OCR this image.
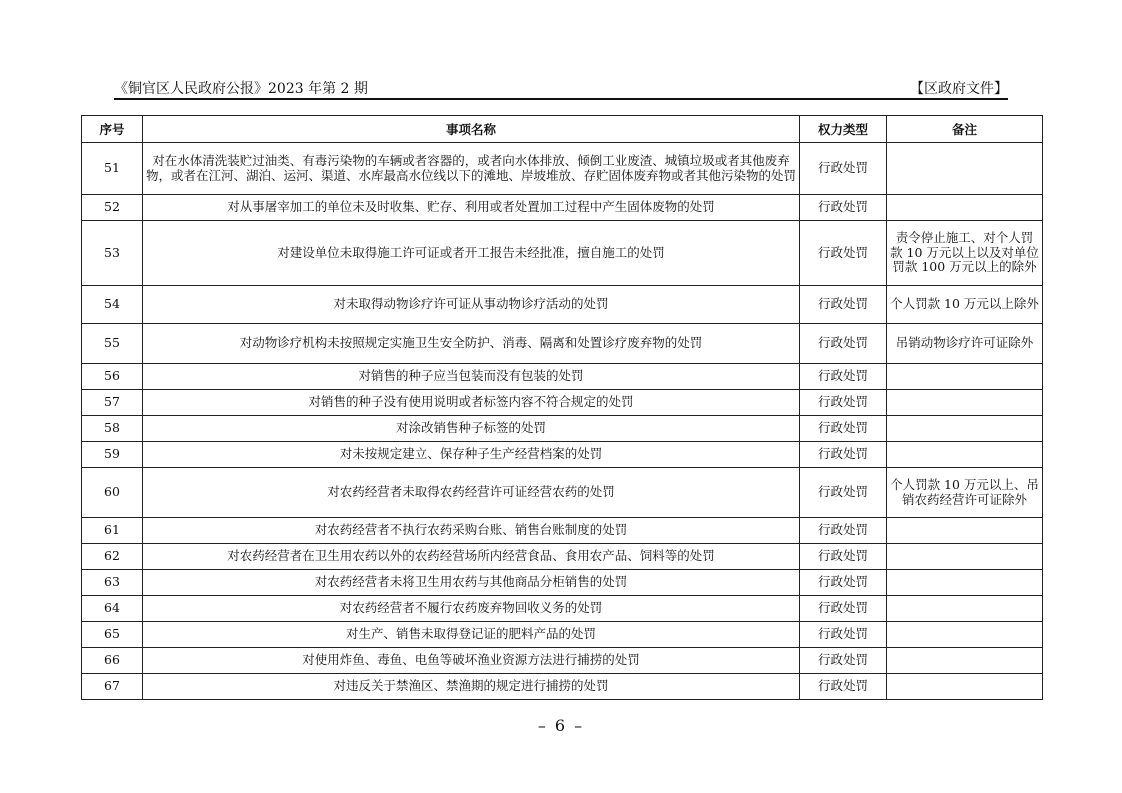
《铜官区人民政府公报》2023 年第 2 期	【区政府文件】
序号	事项名称	权力类型	备注
51	对在水体清洗装贮过油类、有毒污染物的车辆或者容器的，或者向水体排放、倾倒工业废渣、城镇垃圾或者其他废弃物，或者在江河、湖泊、运河、渠道、水库最高水位线以下的滩地、岸坡堆放、存贮固体废弃物或者其他污染物的处罚	行政处罚	
52	对从事屠宰加工的单位未及时收集、贮存、利用或者处置加工过程中产生固体废物的处罚	行政处罚	
53	对建设单位未取得施工许可证或者开工报告未经批准，擅自施工的处罚	行政处罚	责令停止施工、对个人罚款 10 万元以上以及对单位罚款 100 万元以上的除外
54	对未取得动物诊疗许可证从事动物诊疗活动的处罚	行政处罚	个人罚款 10 万元以上除外
55	对动物诊疗机构未按照规定实施卫生安全防护、消毒、隔离和处置诊疗废弃物的处罚	行政处罚	吊销动物诊疗许可证除外
56	对销售的种子应当包装而没有包装的处罚	行政处罚	
57	对销售的种子没有使用说明或者标签内容不符合规定的处罚	行政处罚	
58	对涂改销售种子标签的处罚	行政处罚	
59	对未按规定建立、保存种子生产经营档案的处罚	行政处罚	
60	对农药经营者未取得农药经营许可证经营农药的处罚	行政处罚	个人罚款 10 万元以上、吊销农药经营许可证除外
61	对农药经营者不执行农药采购台账、销售台账制度的处罚	行政处罚	
62	对农药经营者在卫生用农药以外的农药经营场所内经营食品、食用农产品、饲料等的处罚	行政处罚	
63	对农药经营者未将卫生用农药与其他商品分柜销售的处罚	行政处罚	
64	对农药经营者不履行农药废弃物回收义务的处罚	行政处罚	
65	对生产、销售未取得登记证的肥料产品的处罚	行政处罚	
66	对使用炸鱼、毒鱼、电鱼等破坏渔业资源方法进行捕捞的处罚	行政处罚	
67	对违反关于禁渔区、禁渔期的规定进行捕捞的处罚	行政处罚	
– 6 –
